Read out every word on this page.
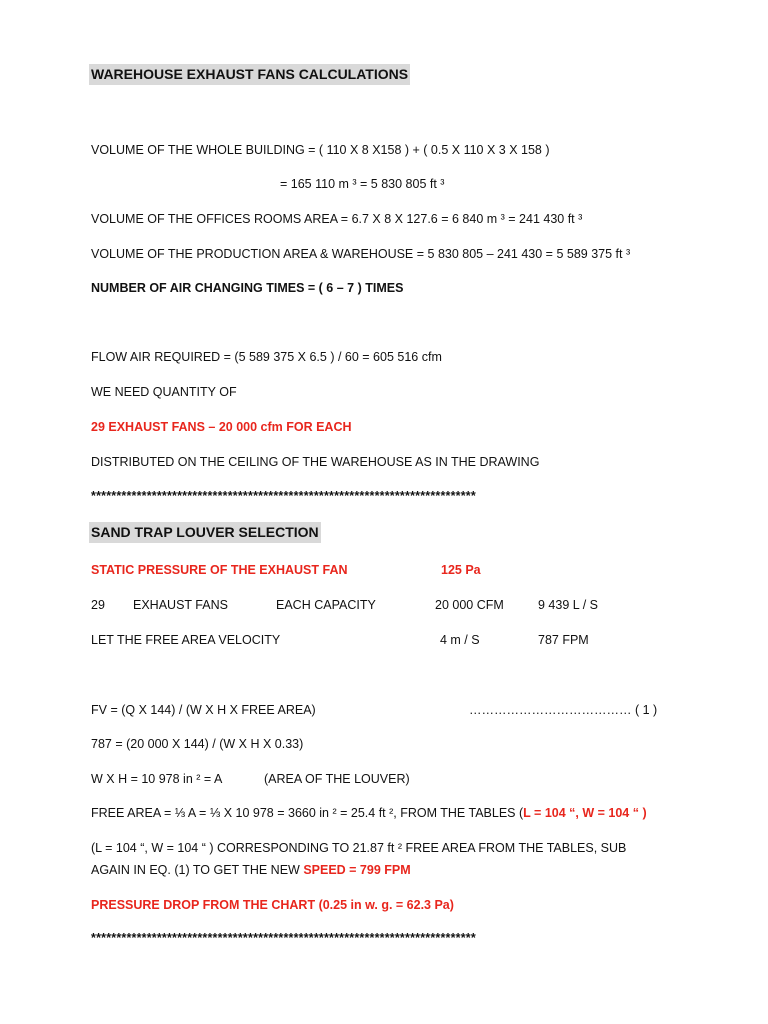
WAREHOUSE EXHAUST FANS CALCULATIONS
VOLUME OF THE WHOLE BUILDING = ( 110 X 8 X158 ) + ( 0.5 X 110 X 3 X 158 )
= 165 110 m ³ = 5 830 805 ft ³
VOLUME OF THE OFFICES ROOMS AREA = 6.7 X 8 X 127.6 = 6 840 m ³ = 241 430 ft ³
VOLUME OF THE PRODUCTION AREA & WAREHOUSE = 5 830 805 – 241 430 = 5 589 375 ft ³
NUMBER OF AIR CHANGING TIMES = ( 6 – 7 ) TIMES
FLOW AIR REQUIRED = (5 589 375 X 6.5 ) / 60 = 605 516 cfm
WE NEED QUANTITY OF
29 EXHAUST FANS – 20 000 cfm FOR EACH
DISTRIBUTED ON THE CEILING OF THE WAREHOUSE AS IN THE DRAWING
****************************************************************************
SAND TRAP LOUVER SELECTION
STATIC PRESSURE OF THE EXHAUST FAN	125 Pa
29 EXHAUST FANS	EACH CAPACITY	20 000 CFM	9 439 L / S
LET THE FREE AREA VELOCITY	4 m / S	787 FPM
FV = (Q X 144) / (W X H X FREE AREA)	………………………………… ( 1 )
787 = (20 000 X 144) / (W X H X 0.33)
W X H = 10 978 in ² = A	(AREA OF THE LOUVER)
FREE AREA = ⅓ A = ⅓ X 10 978 = 3660 in ² = 25.4 ft ², FROM THE TABLES (L = 104 “, W = 104 “ )
(L = 104 “, W = 104 “ ) CORRESPONDING TO 21.87 ft ² FREE AREA FROM THE TABLES, SUB
AGAIN IN EQ. (1) TO GET THE NEW SPEED = 799 FPM
PRESSURE DROP FROM THE CHART (0.25 in w. g. = 62.3 Pa)
****************************************************************************
